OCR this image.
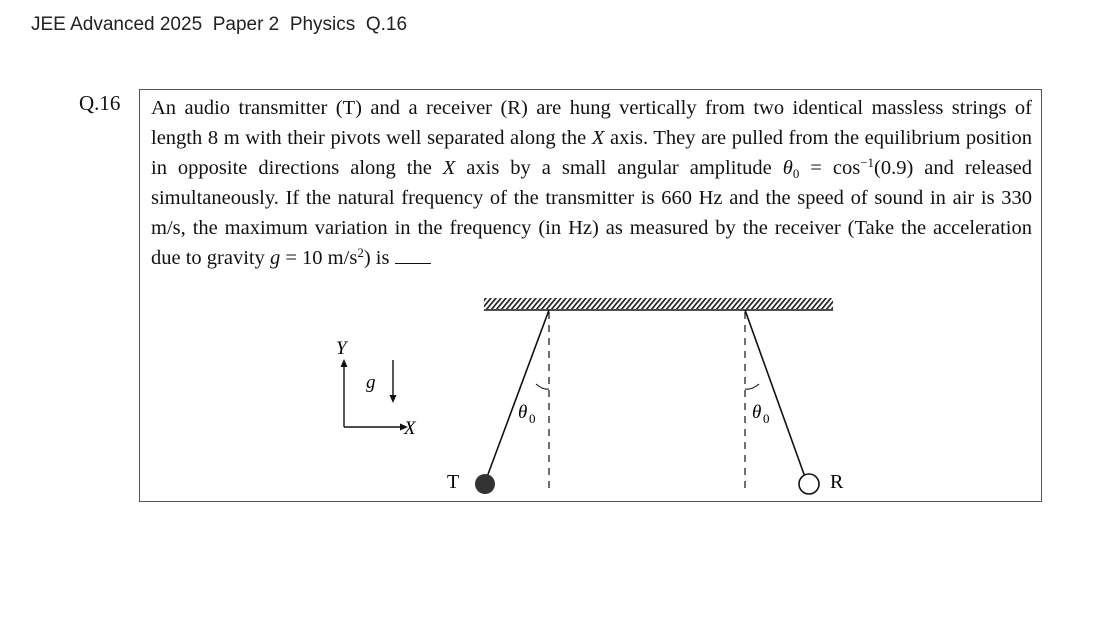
JEE Advanced 2025 Paper 2 Physics Q.16
Q.16 An audio transmitter (T) and a receiver (R) are hung vertically from two identical massless strings of length 8 m with their pivots well separated along the X axis. They are pulled from the equilibrium position in opposite directions along the X axis by a small angular amplitude $\theta_0 = \cos^{-1}(0.9)$ and released simultaneously. If the natural frequency of the transmitter is 660 Hz and the speed of sound in air is 330 m/s, the maximum variation in the frequency (in Hz) as measured by the receiver (Take the acceleration due to gravity g = 10 $m/s^2$) is

θ 0	θ 0
T	R
Y
X
g
